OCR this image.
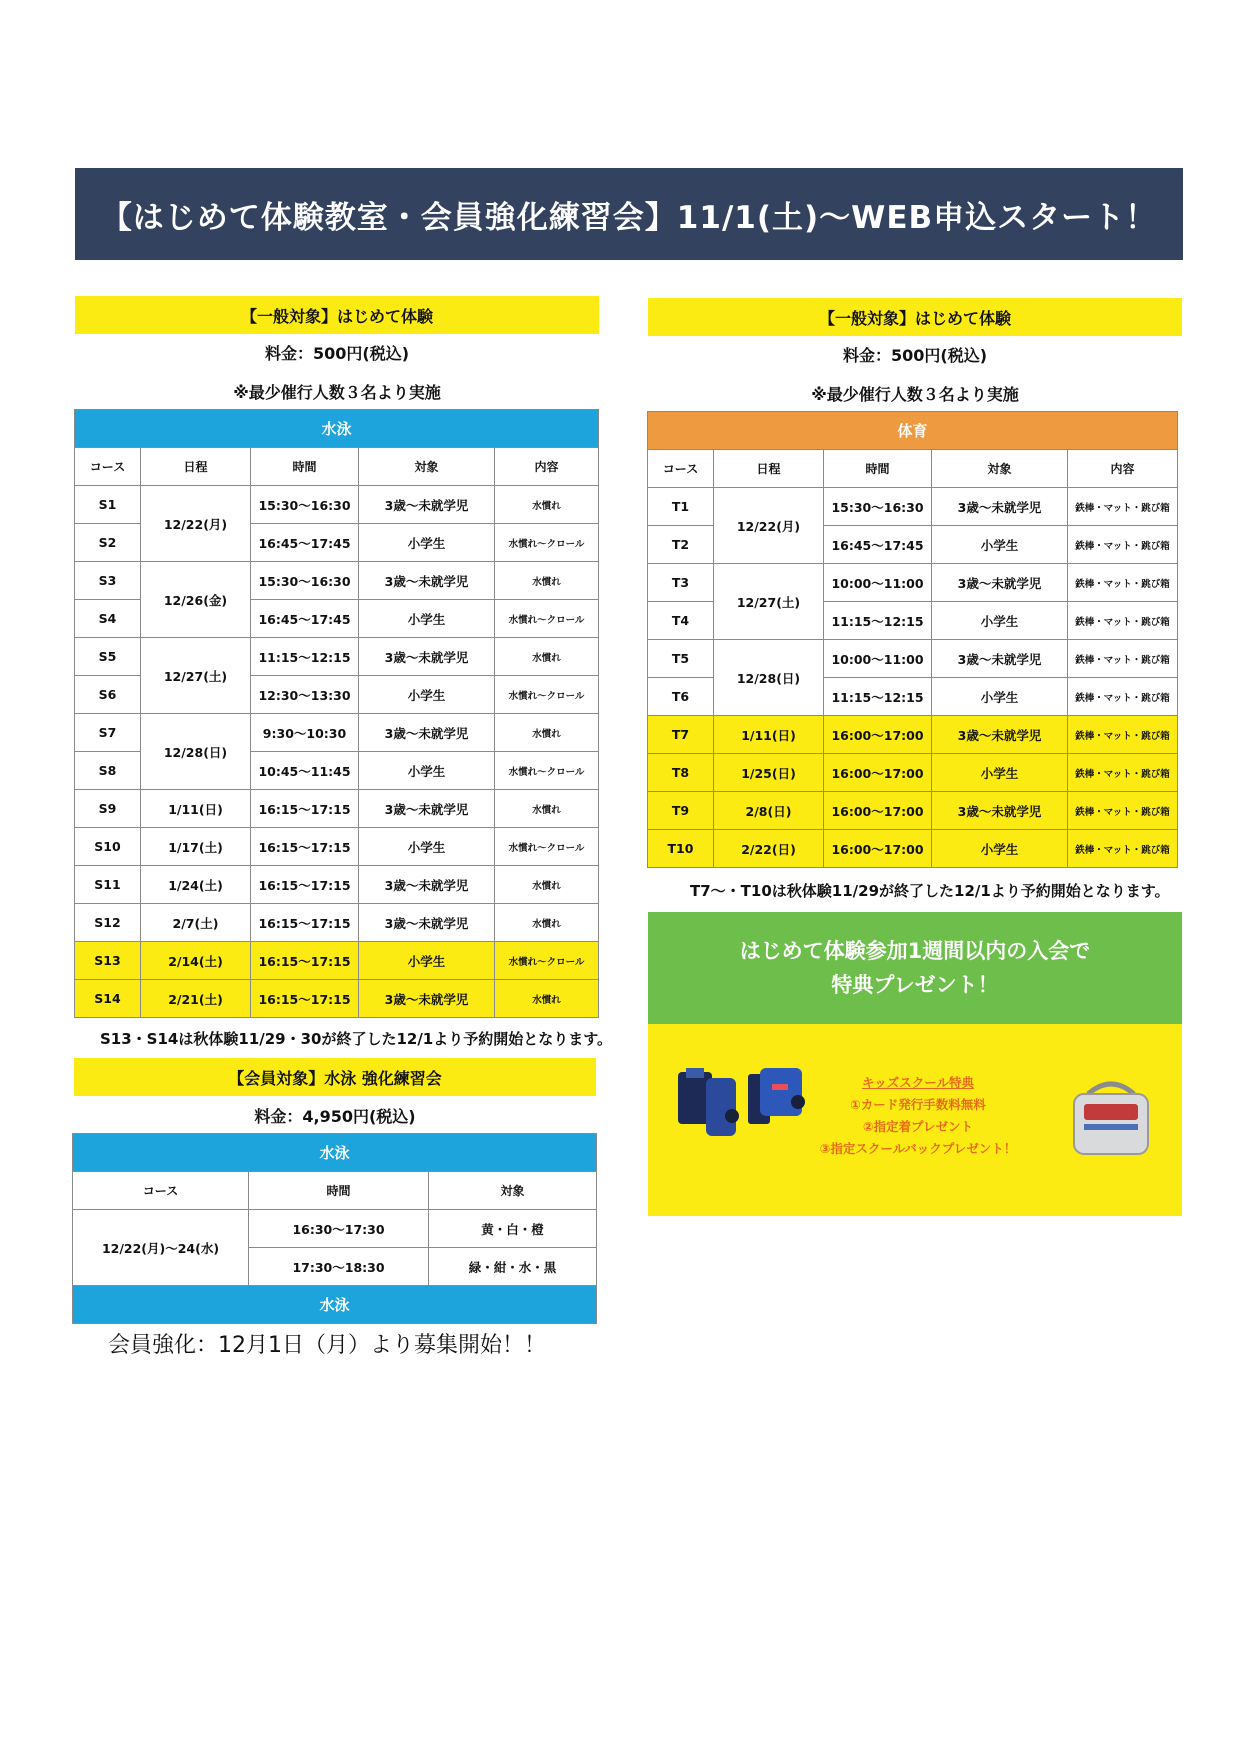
【はじめて体験教室・会員強化練習会】11/1(土)～WEB申込スタート！
【一般対象】はじめて体験
料金：500円(税込)
※最少催行人数３名より実施
水泳				
コース	日程	時間	対象	内容
S1	12/22(月)	15:30～16:30	3歳～未就学児	水慣れ
S2		16:45～17:45	小学生	水慣れ～クロール
S3	12/26(金)	15:30～16:30	3歳～未就学児	水慣れ
S4		16:45～17:45	小学生	水慣れ～クロール
S5	12/27(土)	11:15～12:15	3歳～未就学児	水慣れ
S6		12:30～13:30	小学生	水慣れ～クロール
S7	12/28(日)	9:30～10:30	3歳～未就学児	水慣れ
S8		10:45～11:45	小学生	水慣れ～クロール
S9	1/11(日)	16:15～17:15	3歳～未就学児	水慣れ
S10	1/17(土)	16:15～17:15	小学生	水慣れ～クロール
S11	1/24(土)	16:15～17:15	3歳～未就学児	水慣れ
S12	2/7(土)	16:15～17:15	3歳～未就学児	水慣れ
S13	2/14(土)	16:15～17:15	小学生	水慣れ～クロール
S14	2/21(土)	16:15～17:15	3歳～未就学児	水慣れ
S13・S14は秋体験11/29・30が終了した12/1より予約開始となります。
【会員対象】水泳 強化練習会
料金：4,950円(税込)
水泳		
コース	時間	対象
12/22(月)～24(水)	16:30～17:30	黄・白・橙
	17:30～18:30	緑・紺・水・黒
水泳		
会員強化：12月1日（月）より募集開始！！
【一般対象】はじめて体験
料金：500円(税込)
※最少催行人数３名より実施
体育				
コース	日程	時間	対象	内容
T1	12/22(月)	15:30～16:30	3歳～未就学児	鉄棒・マット・跳び箱
T2		16:45～17:45	小学生	鉄棒・マット・跳び箱
T3	12/27(土)	10:00～11:00	3歳～未就学児	鉄棒・マット・跳び箱
T4		11:15～12:15	小学生	鉄棒・マット・跳び箱
T5	12/28(日)	10:00～11:00	3歳～未就学児	鉄棒・マット・跳び箱
T6		11:15～12:15	小学生	鉄棒・マット・跳び箱
T7	1/11(日)	16:00～17:00	3歳～未就学児	鉄棒・マット・跳び箱
T8	1/25(日)	16:00～17:00	小学生	鉄棒・マット・跳び箱
T9	2/8(日)	16:00～17:00	3歳～未就学児	鉄棒・マット・跳び箱
T10	2/22(日)	16:00～17:00	小学生	鉄棒・マット・跳び箱
T7～・T10は秋体験11/29が終了した12/1より予約開始となります。
はじめて体験参加1週間以内の入会で
特典プレゼント！
キッズスクール特典
①カード発行手数料無料
②指定着プレゼント
③指定スクールバックプレゼント！
